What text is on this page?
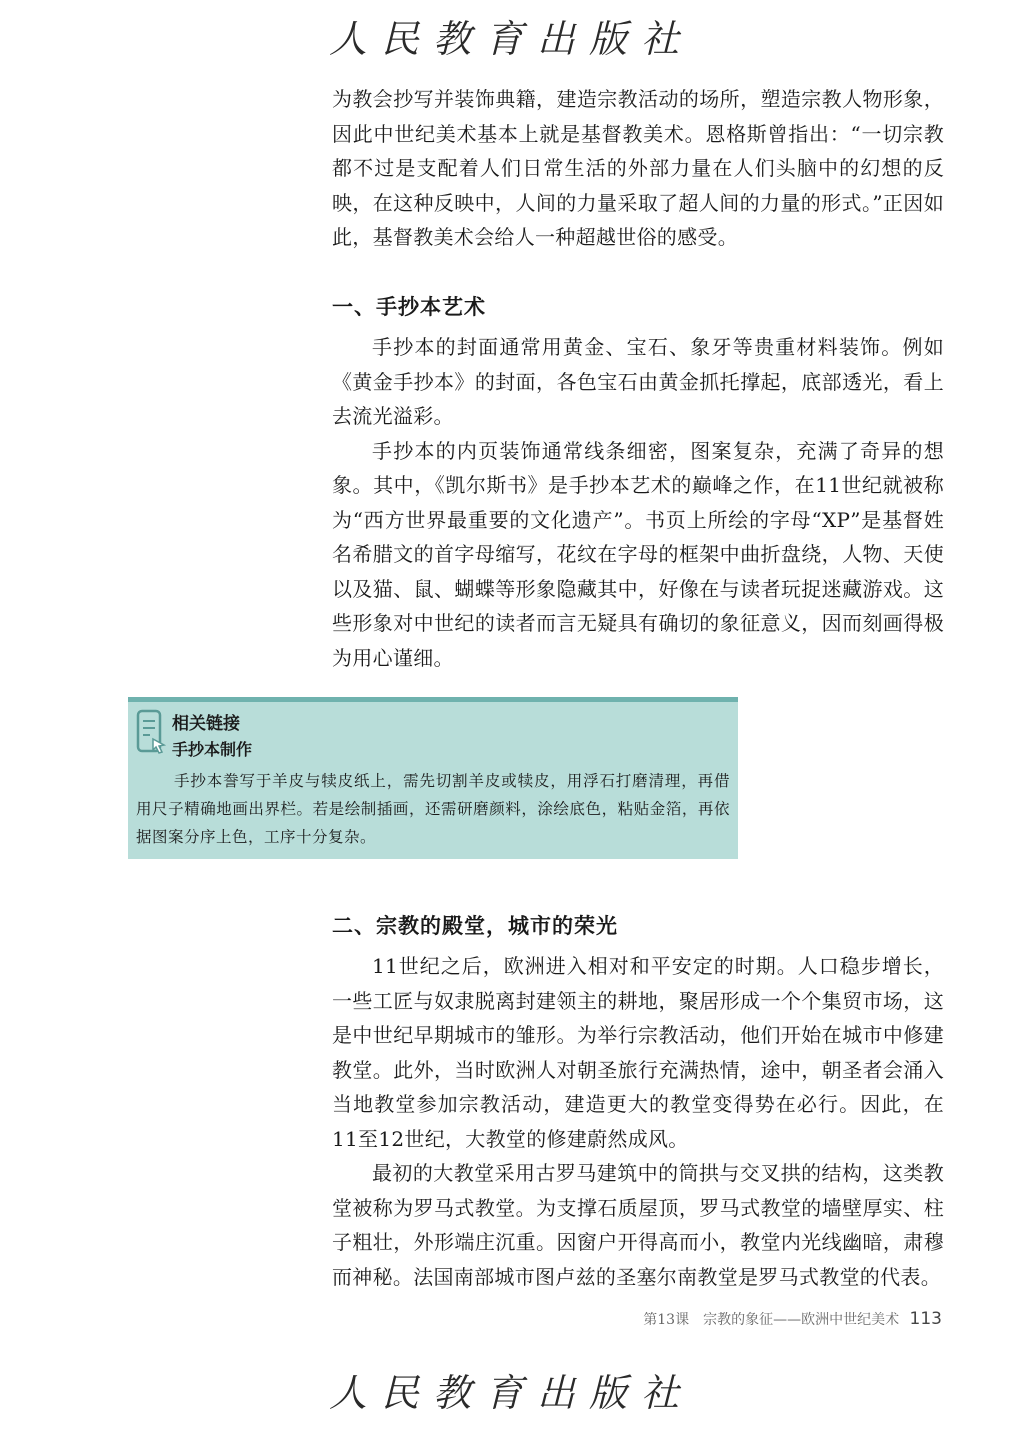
人民教育出版社

为教会抄写并装饰典籍，建造宗教活动的场所，塑造宗教人物形象，因此中世纪美术基本上就是基督教美术。恩格斯曾指出：“一切宗教都不过是支配着人们日常生活的外部力量在人们头脑中的幻想的反映，在这种反映中，人间的力量采取了超人间的力量的形式。”正因如此，基督教美术会给人一种超越世俗的感受。

一、手抄本艺术

手抄本的封面通常用黄金、宝石、象牙等贵重材料装饰。例如《黄金手抄本》的封面，各色宝石由黄金抓托撑起，底部透光，看上去流光溢彩。

手抄本的内页装饰通常线条细密，图案复杂，充满了奇异的想象。其中，《凯尔斯书》是手抄本艺术的巅峰之作，在11世纪就被称为“西方世界最重要的文化遗产”。书页上所绘的字母“XP”是基督姓名希腊文的首字母缩写，花纹在字母的框架中曲折盘绕，人物、天使以及猫、鼠、蝴蝶等形象隐藏其中，好像在与读者玩捉迷藏游戏。这些形象对中世纪的读者而言无疑具有确切的象征意义，因而刻画得极为用心谨细。

相关链接
手抄本制作

手抄本誊写于羊皮与犊皮纸上，需先切割羊皮或犊皮，用浮石打磨清理，再借用尺子精确地画出界栏。若是绘制插画，还需研磨颜料，涂绘底色，粘贴金箔，再依据图案分序上色，工序十分复杂。

二、宗教的殿堂，城市的荣光

11世纪之后，欧洲进入相对和平安定的时期。人口稳步增长，一些工匠与奴隶脱离封建领主的耕地，聚居形成一个个集贸市场，这是中世纪早期城市的雏形。为举行宗教活动，他们开始在城市中修建教堂。此外，当时欧洲人对朝圣旅行充满热情，途中，朝圣者会涌入当地教堂参加宗教活动，建造更大的教堂变得势在必行。因此，在11至12世纪，大教堂的修建蔚然成风。

最初的大教堂采用古罗马建筑中的筒拱与交叉拱的结构，这类教堂被称为罗马式教堂。为支撑石质屋顶，罗马式教堂的墙壁厚实、柱子粗壮，外形端庄沉重。因窗户开得高而小，教堂内光线幽暗，肃穆而神秘。法国南部城市图卢兹的圣塞尔南教堂是罗马式教堂的代表。

第13课　宗教的象征——欧洲中世纪美术 113
人民教育出版社
